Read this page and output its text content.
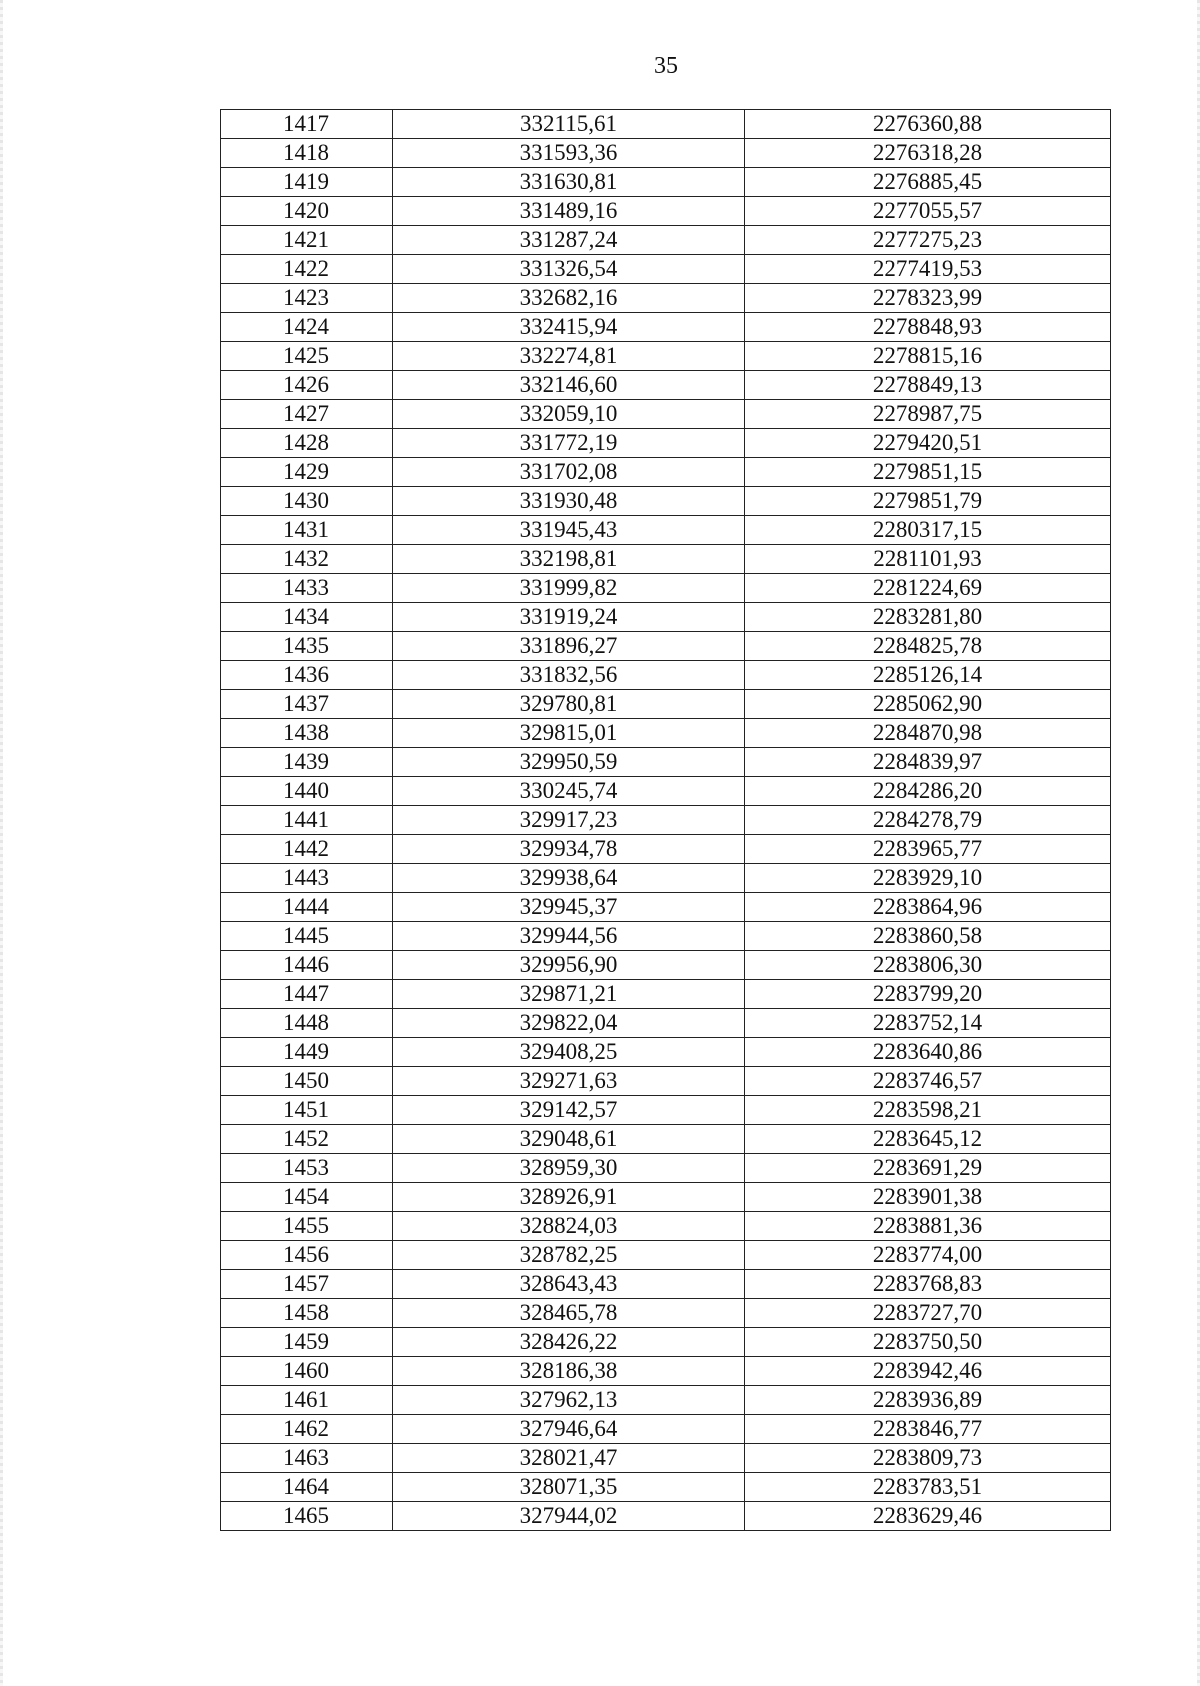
35
1417	332115,61	2276360,88
1418	331593,36	2276318,28
1419	331630,81	2276885,45
1420	331489,16	2277055,57
1421	331287,24	2277275,23
1422	331326,54	2277419,53
1423	332682,16	2278323,99
1424	332415,94	2278848,93
1425	332274,81	2278815,16
1426	332146,60	2278849,13
1427	332059,10	2278987,75
1428	331772,19	2279420,51
1429	331702,08	2279851,15
1430	331930,48	2279851,79
1431	331945,43	2280317,15
1432	332198,81	2281101,93
1433	331999,82	2281224,69
1434	331919,24	2283281,80
1435	331896,27	2284825,78
1436	331832,56	2285126,14
1437	329780,81	2285062,90
1438	329815,01	2284870,98
1439	329950,59	2284839,97
1440	330245,74	2284286,20
1441	329917,23	2284278,79
1442	329934,78	2283965,77
1443	329938,64	2283929,10
1444	329945,37	2283864,96
1445	329944,56	2283860,58
1446	329956,90	2283806,30
1447	329871,21	2283799,20
1448	329822,04	2283752,14
1449	329408,25	2283640,86
1450	329271,63	2283746,57
1451	329142,57	2283598,21
1452	329048,61	2283645,12
1453	328959,30	2283691,29
1454	328926,91	2283901,38
1455	328824,03	2283881,36
1456	328782,25	2283774,00
1457	328643,43	2283768,83
1458	328465,78	2283727,70
1459	328426,22	2283750,50
1460	328186,38	2283942,46
1461	327962,13	2283936,89
1462	327946,64	2283846,77
1463	328021,47	2283809,73
1464	328071,35	2283783,51
1465	327944,02	2283629,46
